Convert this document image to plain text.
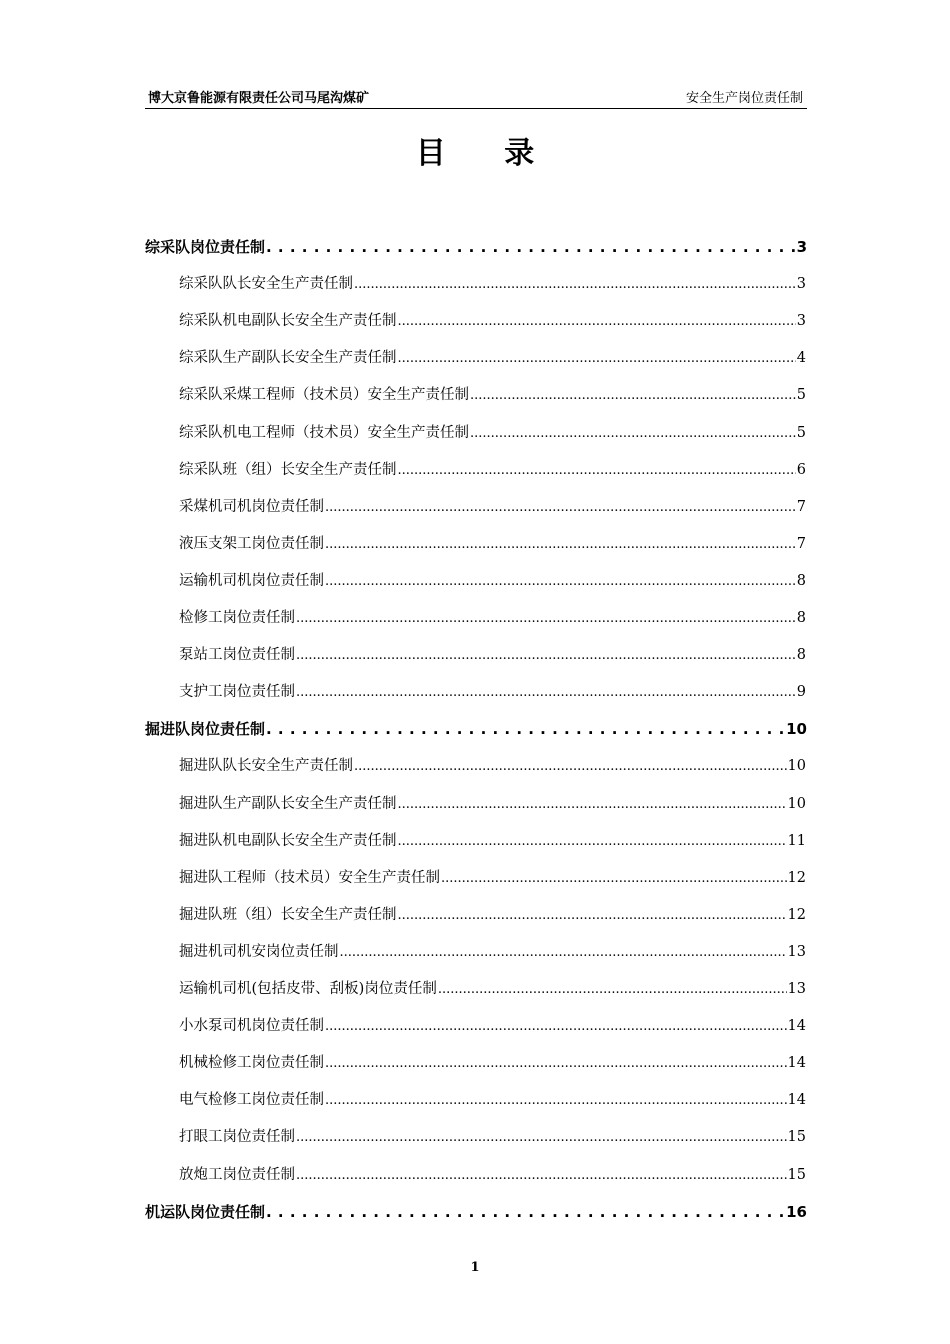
博大京鲁能源有限责任公司马尾沟煤矿	安全生产岗位责任制
目 录
综采队岗位责任制 . . .	3
综采队队长安全生产责任制 .....	3
综采队机电副队长安全生产责任制 .....	3
综采队生产副队长安全生产责任制 .....	4
综采队采煤工程师（技术员）安全生产责任制 .....	5
综采队机电工程师（技术员）安全生产责任制 .....	5
综采队班（组）长安全生产责任制 .....	6
采煤机司机岗位责任制 .....	7
液压支架工岗位责任制 .....	7
运输机司机岗位责任制 .....	8
检修工岗位责任制 .....	8
泵站工岗位责任制 .....	8
支护工岗位责任制 .....	9
掘进队岗位责任制 . . .	10
掘进队队长安全生产责任制 .....	10
掘进队生产副队长安全生产责任制 .....	10
掘进队机电副队长安全生产责任制 .....	11
掘进队工程师（技术员）安全生产责任制 .....	12
掘进队班（组）长安全生产责任制 .....	12
掘进机司机安岗位责任制 .....	13
运输机司机(包括皮带、刮板)岗位责任制 .....	13
小水泵司机岗位责任制 .....	14
机械检修工岗位责任制 .....	14
电气检修工岗位责任制 .....	14
打眼工岗位责任制 .....	15
放炮工岗位责任制 .....	15
机运队岗位责任制 . . .	16
1
